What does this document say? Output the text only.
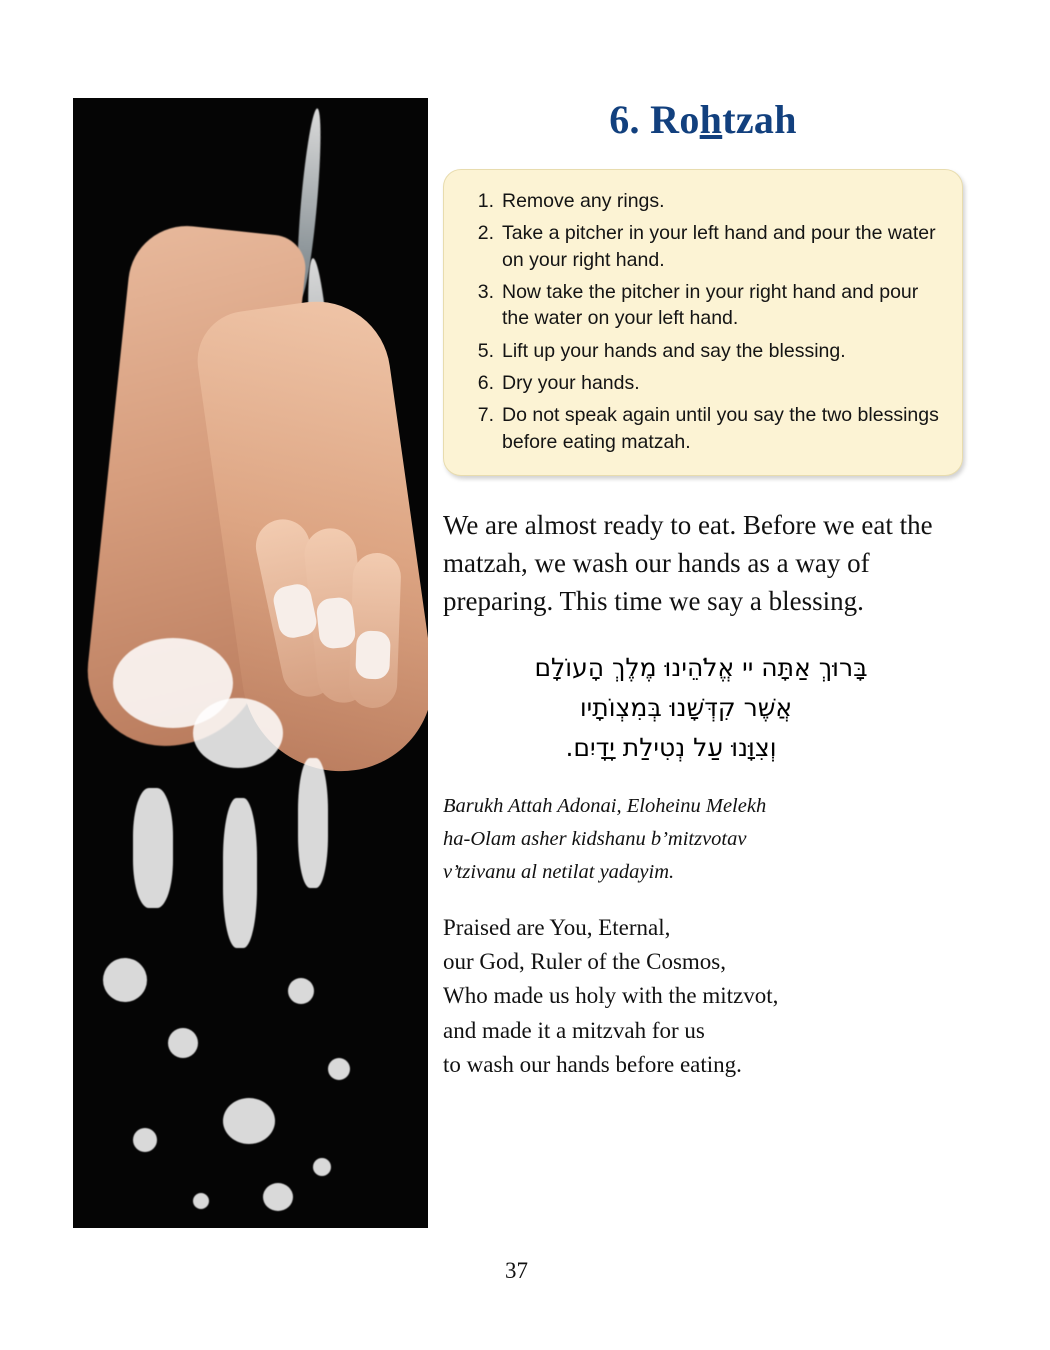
6. Rohtzah
1. Remove any rings.
2. Take a pitcher in your left hand and pour the water on your right hand.
3. Now take the pitcher in your right hand and pour the water on your left hand.
5. Lift up your hands and say the blessing.
6. Dry your hands.
7. Do not speak again until you say the two blessings before eating matzah.

We are almost ready to eat. Before we eat the matzah, we wash our hands as a way of preparing. This time we say a blessing.

בָּרוּךְ אַתָּה יי אֱלֹהֵינוּ מֶלֶךְ הָעוֹלָם
אֲשֶׁר קִדְּשָׁנוּ בְּמִצְוֹתָיו
וְצִוָּנוּ עַל נְטִילַת יָדָיִם.
Barukh Attah Adonai, Eloheinu Melekh
ha-Olam asher kidshanu b’mitzvotav
v’tzivanu al netilat yadayim.
Praised are You, Eternal,
our God, Ruler of the Cosmos,
Who made us holy with the mitzvot,
and made it a mitzvah for us
to wash our hands before eating.
37
